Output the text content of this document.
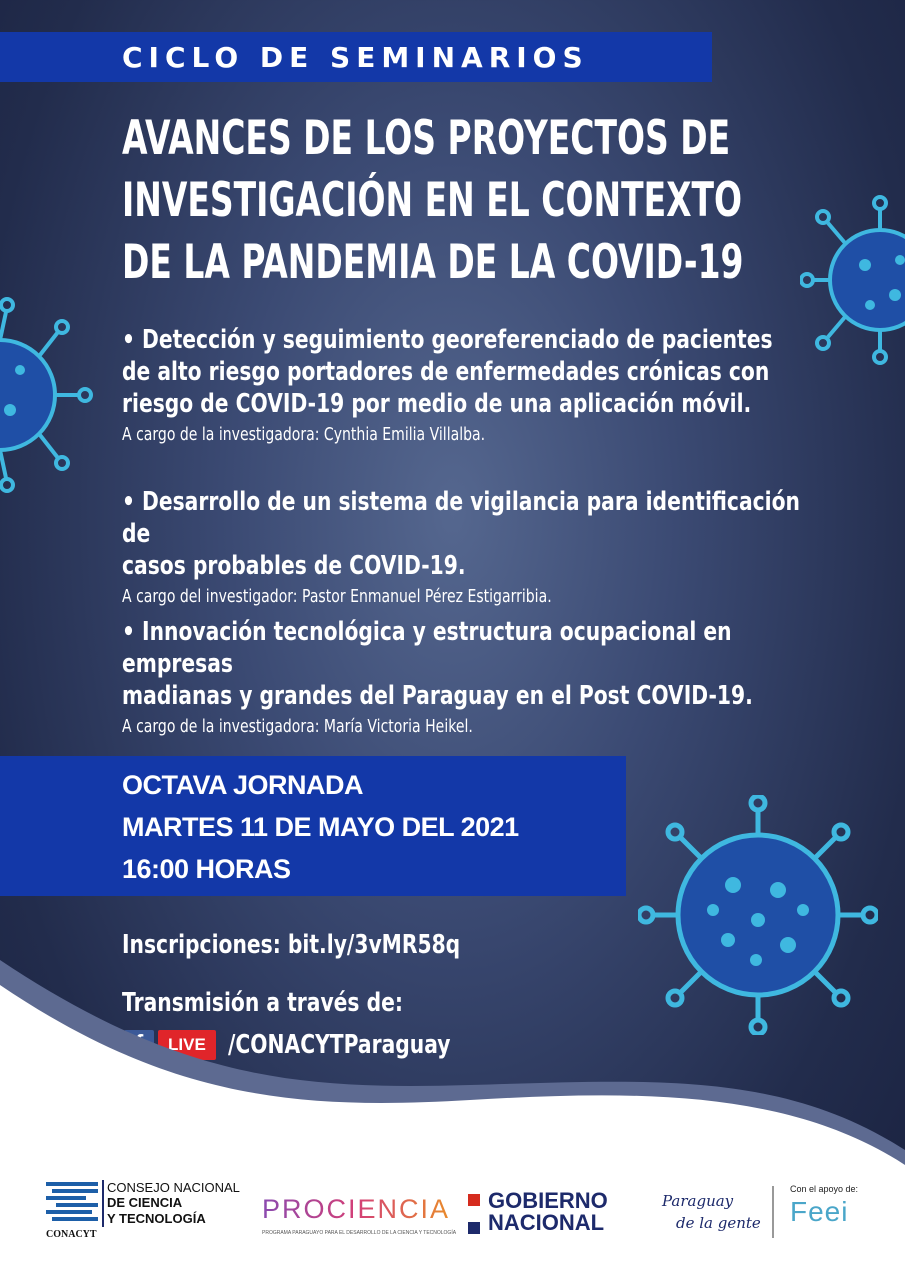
CICLO DE SEMINARIOS
AVANCES DE LOS PROYECTOS DE
INVESTIGACIÓN EN EL CONTEXTO
DE LA PANDEMIA DE LA COVID-19
• Detección y seguimiento georeferenciado de pacientes
de alto riesgo portadores de enfermedades crónicas con
riesgo de COVID-19 por medio de una aplicación móvil.
A cargo de la investigadora: Cynthia Emilia Villalba.
• Desarrollo de un sistema de vigilancia para identificación de
casos probables de COVID-19.
A cargo del investigador: Pastor Enmanuel Pérez Estigarribia.
• Innovación tecnológica y estructura ocupacional en empresas
madianas y grandes del Paraguay en el Post COVID-19.
A cargo de la investigadora: María Victoria Heikel.
OCTAVA JORNADA
MARTES 11 DE MAYO DEL 2021
16:00 HORAS
Inscripciones: bit.ly/3vMR58q
Transmisión a través de:
LIVE /CONACYTParaguay
CONSEJO NACIONAL
DE CIENCIA
Y TECNOLOGÍA
CONACYT
PROCIENCIA
PROGRAMA PARAGUAYO PARA EL DESARROLLO DE LA CIENCIA Y TECNOLOGÍA
GOBIERNO
NACIONAL
Paraguay
de la gente
Con el apoyo de:
Feei
